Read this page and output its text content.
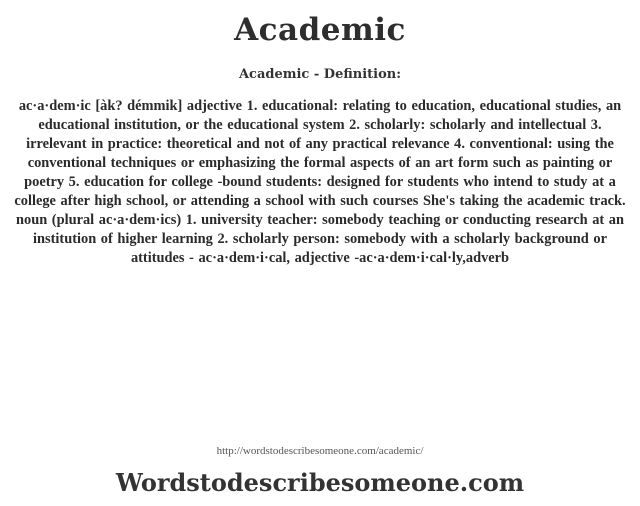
Academic
Academic - Definition:
ac·a·dem·ic [àk? démmik] adjective 1. educational: relating to education, educational studies, an educational institution, or the educational system 2. scholarly: scholarly and intellectual 3. irrelevant in practice: theoretical and not of any practical relevance 4. conventional: using the conventional techniques or emphasizing the formal aspects of an art form such as painting or poetry 5. education for college -bound students: designed for students who intend to study at a college after high school, or attending a school with such courses She's taking the academic track. noun (plural ac·a·dem·ics) 1. university teacher: somebody teaching or conducting research at an institution of higher learning 2. scholarly person: somebody with a scholarly background or attitudes - ac·a·dem·i·cal, adjective -ac·a·dem·i·cal·ly,adverb
http://wordstodescribesomeone.com/academic/
Wordstodescribesomeone.com
